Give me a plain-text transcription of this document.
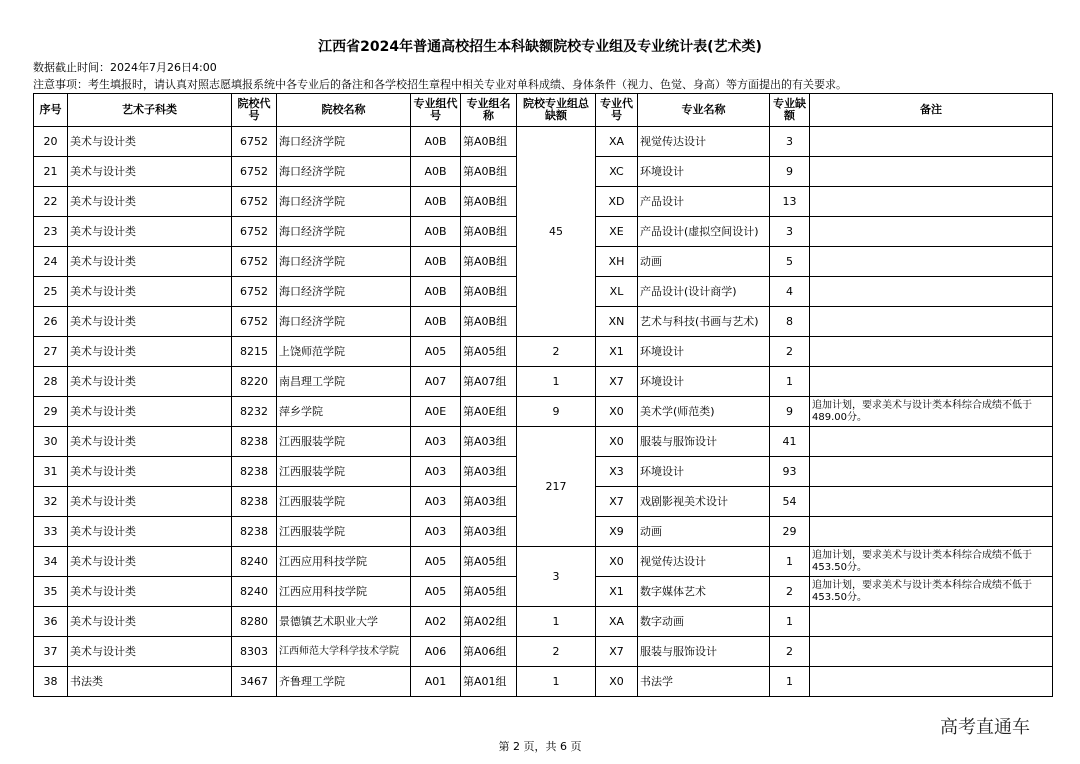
江西省2024年普通高校招生本科缺额院校专业组及专业统计表(艺术类)
数据截止时间：2024年7月26日4:00
注意事项：考生填报时，请认真对照志愿填报系统中各专业后的备注和各学校招生章程中相关专业对单科成绩、身体条件（视力、色觉、身高）等方面提出的有关要求。
序号	艺术子科类	院校代号	院校名称	专业组代号	专业组名称	院校专业组总缺额	专业代号	专业名称	专业缺额	备注
20	美术与设计类	6752	海口经济学院	A0B	第A0B组	45	XA	视觉传达设计	3	
21	美术与设计类	6752	海口经济学院	A0B	第A0B组		XC	环境设计	9	
22	美术与设计类	6752	海口经济学院	A0B	第A0B组		XD	产品设计	13	
23	美术与设计类	6752	海口经济学院	A0B	第A0B组		XE	产品设计(虚拟空间设计)	3	
24	美术与设计类	6752	海口经济学院	A0B	第A0B组		XH	动画	5	
25	美术与设计类	6752	海口经济学院	A0B	第A0B组		XL	产品设计(设计商学)	4	
26	美术与设计类	6752	海口经济学院	A0B	第A0B组		XN	艺术与科技(书画与艺术)	8	
27	美术与设计类	8215	上饶师范学院	A05	第A05组	2	X1	环境设计	2	
28	美术与设计类	8220	南昌理工学院	A07	第A07组	1	X7	环境设计	1	
29	美术与设计类	8232	萍乡学院	A0E	第A0E组	9	X0	美术学(师范类)	9	追加计划，要求美术与设计类本科综合成绩不低于489.00分。
30	美术与设计类	8238	江西服装学院	A03	第A03组	217	X0	服装与服饰设计	41	
31	美术与设计类	8238	江西服装学院	A03	第A03组		X3	环境设计	93	
32	美术与设计类	8238	江西服装学院	A03	第A03组		X7	戏剧影视美术设计	54	
33	美术与设计类	8238	江西服装学院	A03	第A03组		X9	动画	29	
34	美术与设计类	8240	江西应用科技学院	A05	第A05组	3	X0	视觉传达设计	1	追加计划，要求美术与设计类本科综合成绩不低于453.50分。
35	美术与设计类	8240	江西应用科技学院	A05	第A05组		X1	数字媒体艺术	2	追加计划，要求美术与设计类本科综合成绩不低于453.50分。
36	美术与设计类	8280	景德镇艺术职业大学	A02	第A02组	1	XA	数字动画	1	
37	美术与设计类	8303	江西师范大学科学技术学院	A06	第A06组	2	X7	服装与服饰设计	2	
38	书法类	3467	齐鲁理工学院	A01	第A01组	1	X0	书法学	1	
高考直通车
第 2 页，共 6 页
